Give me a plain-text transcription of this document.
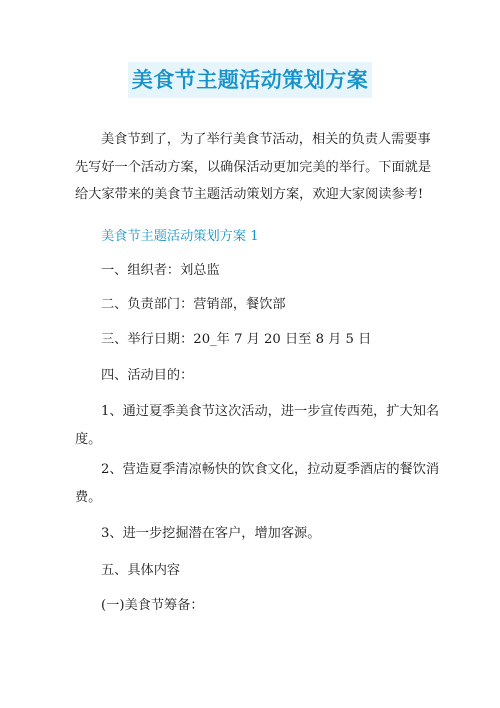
美食节主题活动策划方案
美食节到了，为了举行美食节活动，相关的负责人需要事
先写好一个活动方案，以确保活动更加完美的举行。下面就是
给大家带来的美食节主题活动策划方案，欢迎大家阅读参考!
美食节主题活动策划方案 1
一、组织者：刘总监
二、负责部门：营销部，餐饮部
三、举行日期：20_年 7 月 20 日至 8 月 5 日
四、活动目的：
1、通过夏季美食节这次活动，进一步宣传西苑，扩大知名
度。
2、营造夏季清凉畅快的饮食文化，拉动夏季酒店的餐饮消
费。
3、进一步挖掘潜在客户，增加客源。
五、具体内容
(一)美食节筹备：
